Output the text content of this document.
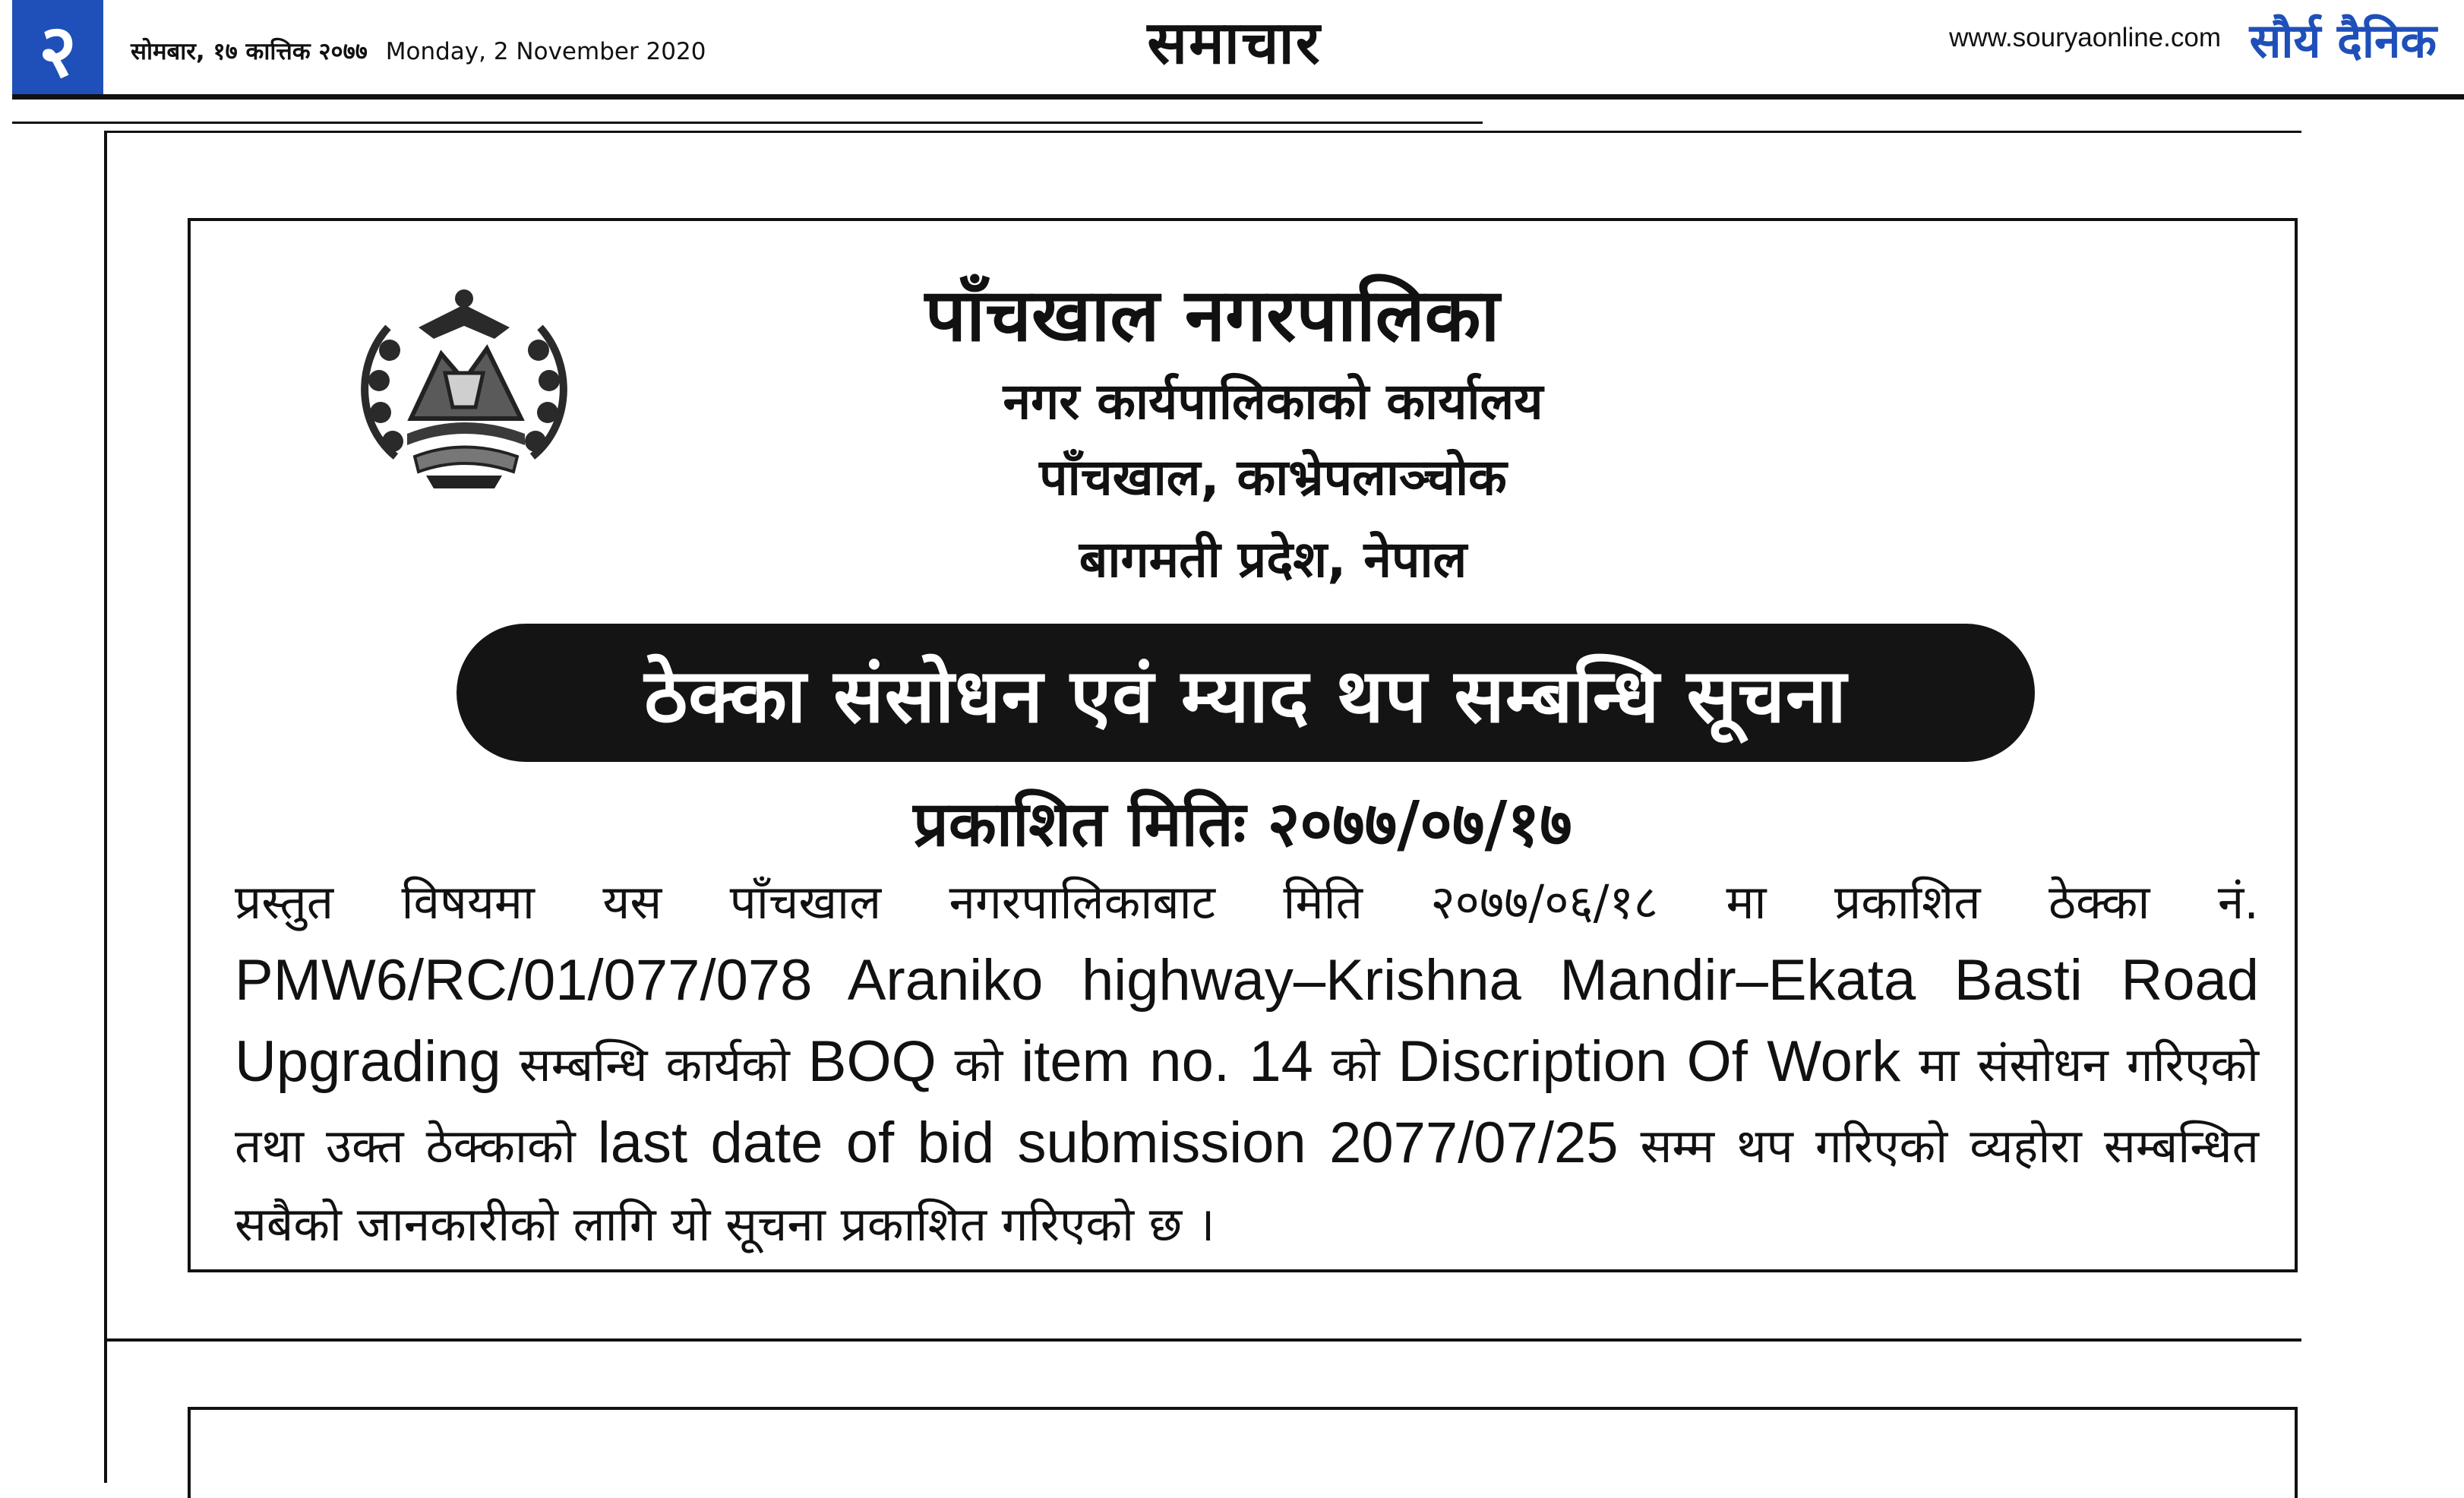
२	सोमबार, १७ कात्तिक २०७७ Monday, 2 November 2020	समाचार	www.souryaonline.com सौर्य दैनिक
पाँचखाल नगरपालिका
नगर कार्यपालिकाको कार्यालय
पाँचखाल, काभ्रेपलाञ्चोक
बागमती प्रदेश, नेपाल
ठेक्का संसोधन एवं म्याद थप सम्बन्धि सूचना
प्रकाशित मितिः २०७७/०७/१७
प्रस्तुत विषयमा यस पाँचखाल नगरपालिकाबाट मिति २०७७/०६/१८ मा प्रकाशित ठेक्का नं. PMW6/RC/01/077/078 Araniko highway–Krishna Mandir–Ekata Basti Road Upgrading सम्बन्धि कार्यको BOQ को item no. 14 को Discription Of Work मा संसोधन गरिएको तथा उक्त ठेक्काको last date of bid submission 2077/07/25 सम्म थप गरिएको व्यहोरा सम्बन्धित सबैको जानकारीको लागि यो सूचना प्रकाशित गरिएको छ ।
